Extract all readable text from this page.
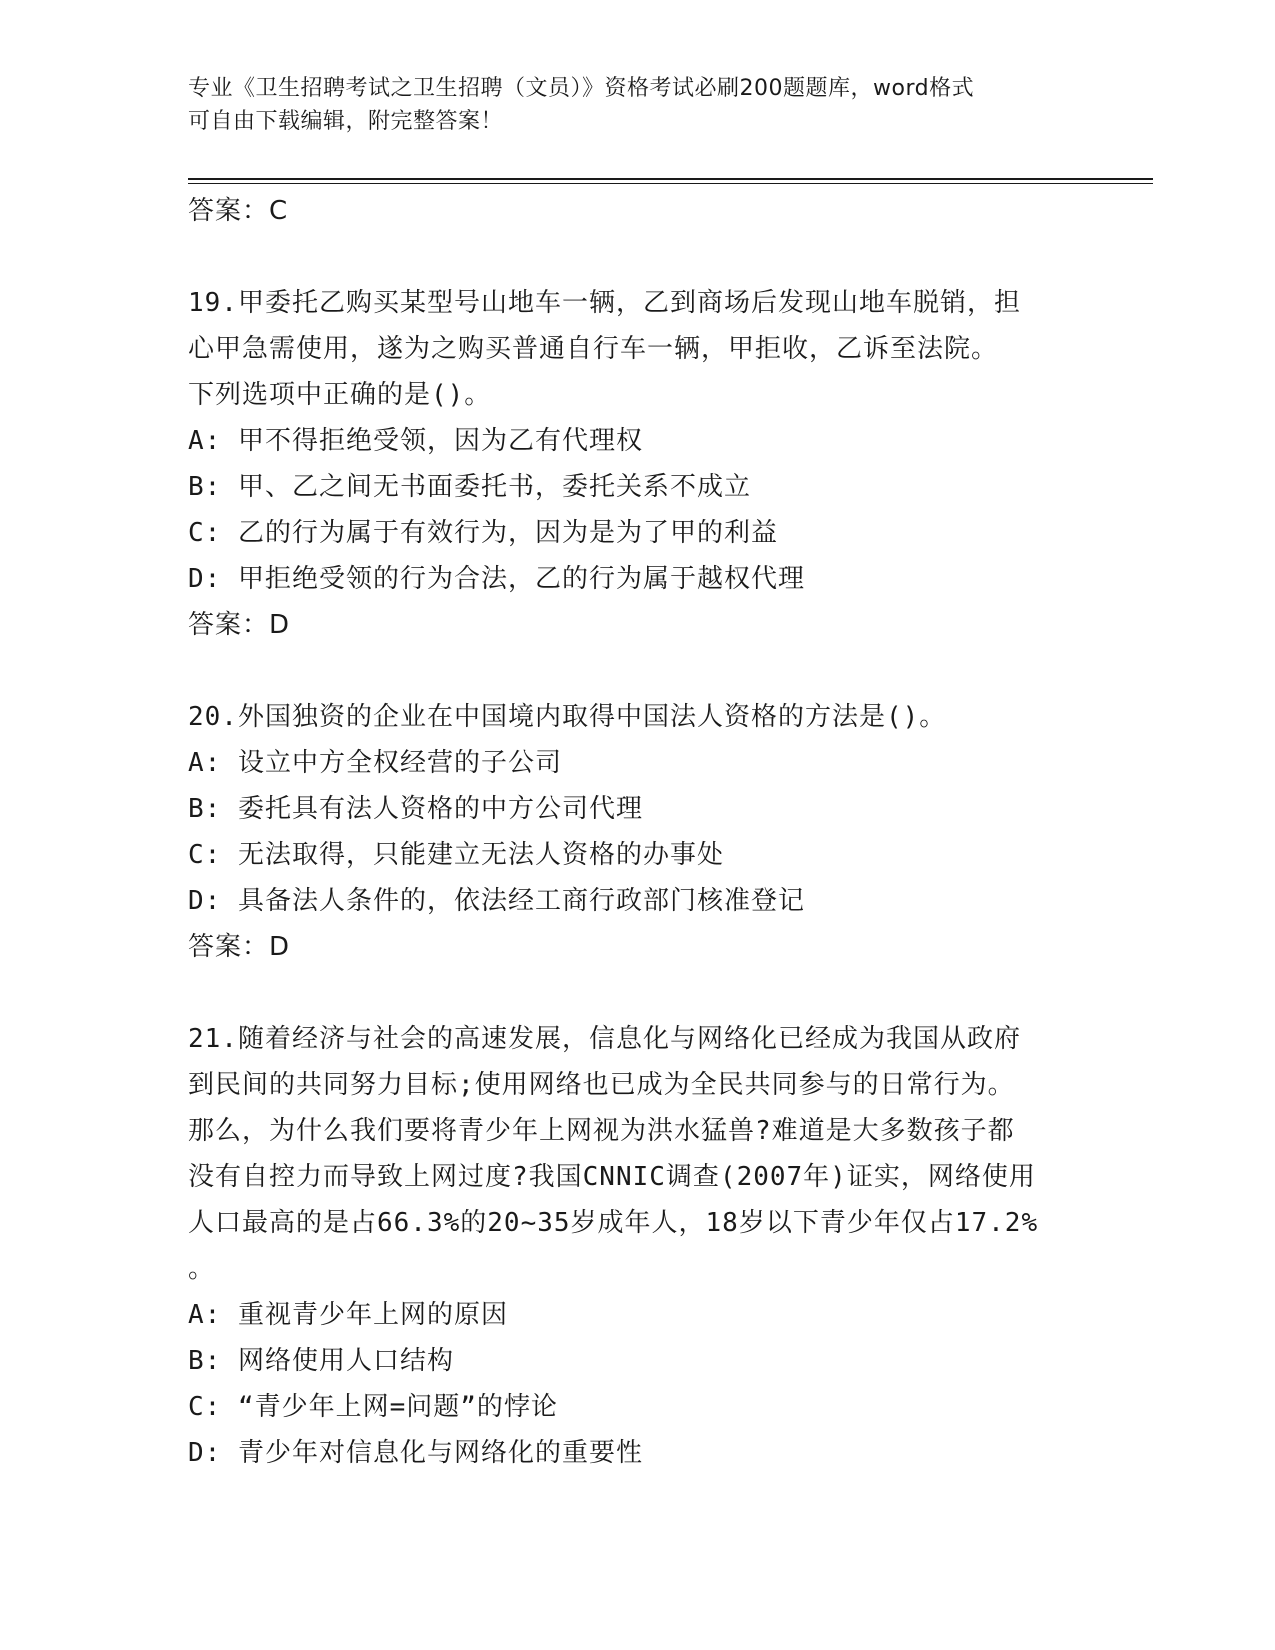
专业《卫生招聘考试之卫生招聘（文员）》资格考试必刷200题题库，word格式
可自由下载编辑，附完整答案！
答案：C
19.甲委托乙购买某型号山地车一辆，乙到商场后发现山地车脱销，担
心甲急需使用，遂为之购买普通自行车一辆，甲拒收，乙诉至法院。
下列选项中正确的是()。
A: 甲不得拒绝受领，因为乙有代理权
B: 甲、乙之间无书面委托书，委托关系不成立
C: 乙的行为属于有效行为，因为是为了甲的利益
D: 甲拒绝受领的行为合法，乙的行为属于越权代理
答案：D
20.外国独资的企业在中国境内取得中国法人资格的方法是()。
A: 设立中方全权经营的子公司
B: 委托具有法人资格的中方公司代理
C: 无法取得，只能建立无法人资格的办事处
D: 具备法人条件的，依法经工商行政部门核准登记
答案：D
21.随着经济与社会的高速发展，信息化与网络化已经成为我国从政府
到民间的共同努力目标;使用网络也已成为全民共同参与的日常行为。
那么，为什么我们要将青少年上网视为洪水猛兽?难道是大多数孩子都
没有自控力而导致上网过度?我国CNNIC调查(2007年)证实，网络使用
人口最高的是占66.3%的20~35岁成年人，18岁以下青少年仅占17.2%
。
A: 重视青少年上网的原因
B: 网络使用人口结构
C: “青少年上网=问题”的悖论
D: 青少年对信息化与网络化的重要性
